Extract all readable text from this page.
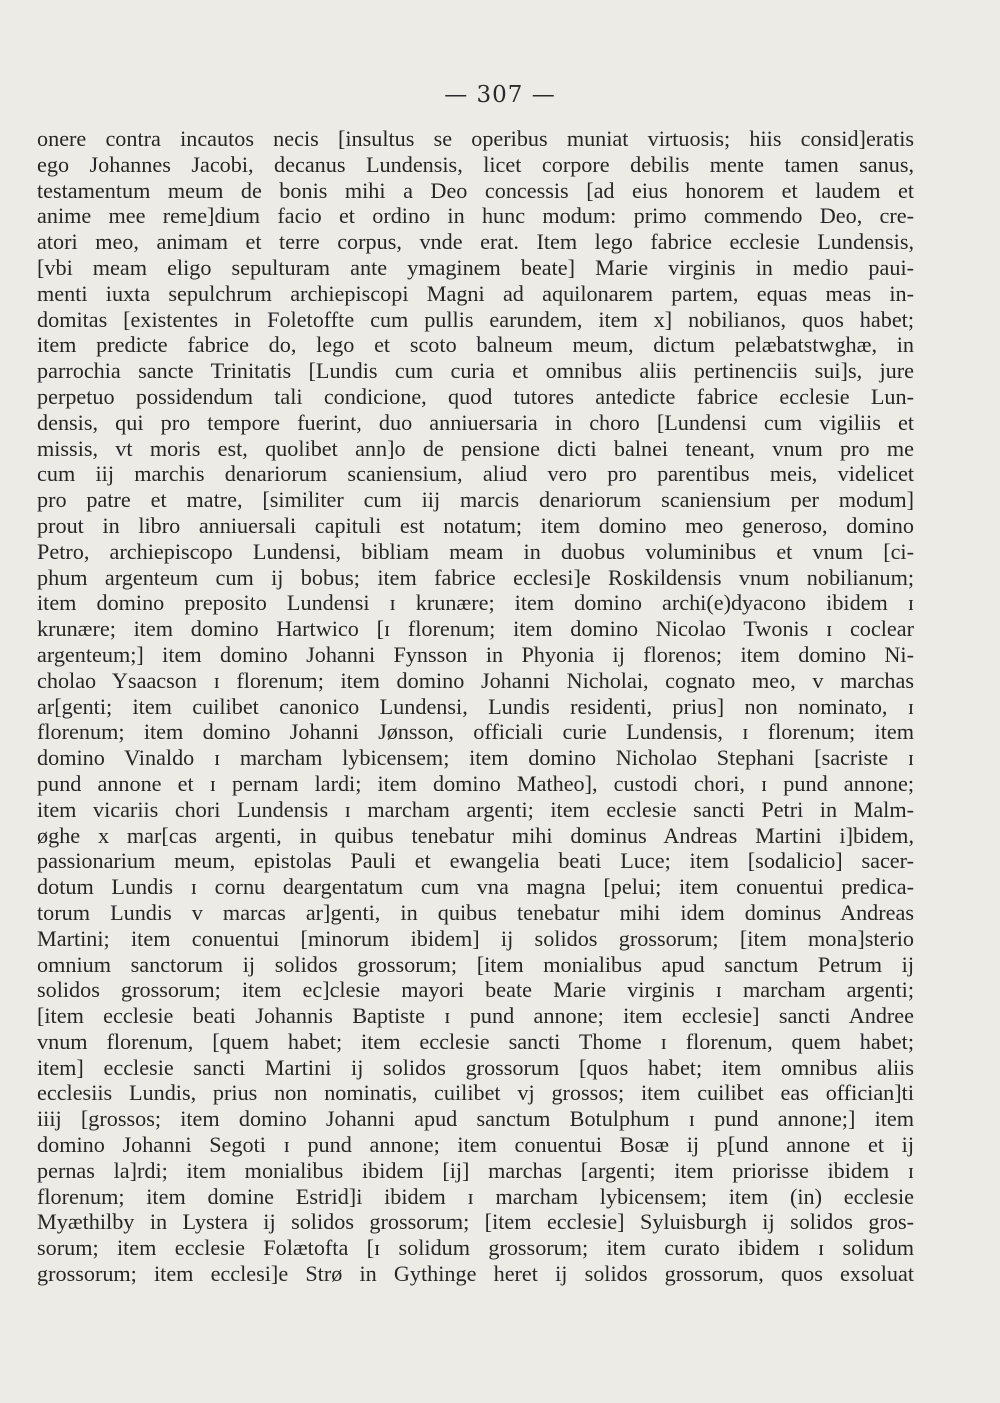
— 307 —
onere contra incautos necis [insultus se operibus muniat virtuosis; hiis consid]eratis
ego Johannes Jacobi, decanus Lundensis, licet corpore debilis mente tamen sanus,
testamentum meum de bonis mihi a Deo concessis [ad eius honorem et laudem et
anime mee reme]dium facio et ordino in hunc modum: primo commendo Deo, cre-
atori meo, animam et terre corpus, vnde erat. Item lego fabrice ecclesie Lundensis,
[vbi meam eligo sepulturam ante ymaginem beate] Marie virginis in medio paui-
menti iuxta sepulchrum archiepiscopi Magni ad aquilonarem partem, equas meas in-
domitas [existentes in Foletoffte cum pullis earundem, item x] nobilianos, quos habet;
item predicte fabrice do, lego et scoto balneum meum, dictum pelæbatstwghæ, in
parrochia sancte Trinitatis [Lundis cum curia et omnibus aliis pertinenciis sui]s, jure
perpetuo possidendum tali condicione, quod tutores antedicte fabrice ecclesie Lun-
densis, qui pro tempore fuerint, duo anniuersaria in choro [Lundensi cum vigiliis et
missis, vt moris est, quolibet ann]o de pensione dicti balnei teneant, vnum pro me
cum iij marchis denariorum scaniensium, aliud vero pro parentibus meis, videlicet
pro patre et matre, [similiter cum iij marcis denariorum scaniensium per modum]
prout in libro anniuersali capituli est notatum; item domino meo generoso, domino
Petro, archiepiscopo Lundensi, bibliam meam in duobus voluminibus et vnum [ci-
phum argenteum cum ij bobus; item fabrice ecclesi]e Roskildensis vnum nobilianum;
item domino preposito Lundensi ɪ krunære; item domino archi(e)dyacono ibidem ɪ
krunære; item domino Hartwico [ɪ florenum; item domino Nicolao Twonis ɪ coclear
argenteum;] item domino Johanni Fynsson in Phyonia ij florenos; item domino Ni-
cholao Ysaacson ɪ florenum; item domino Johanni Nicholai, cognato meo, v marchas
ar[genti; item cuilibet canonico Lundensi, Lundis residenti, prius] non nominato, ɪ
florenum; item domino Johanni Jønsson, officiali curie Lundensis, ɪ florenum; item
domino Vinaldo ɪ marcham lybicensem; item domino Nicholao Stephani [sacriste ɪ
pund annone et ɪ pernam lardi; item domino Matheo], custodi chori, ɪ pund annone;
item vicariis chori Lundensis ɪ marcham argenti; item ecclesie sancti Petri in Malm-
øghe x mar[cas argenti, in quibus tenebatur mihi dominus Andreas Martini i]bidem,
passionarium meum, epistolas Pauli et ewangelia beati Luce; item [sodalicio] sacer-
dotum Lundis ɪ cornu deargentatum cum vna magna [pelui; item conuentui predica-
torum Lundis v marcas ar]genti, in quibus tenebatur mihi idem dominus Andreas
Martini; item conuentui [minorum ibidem] ij solidos grossorum; [item mona]sterio
omnium sanctorum ij solidos grossorum; [item monialibus apud sanctum Petrum ij
solidos grossorum; item ec]clesie mayori beate Marie virginis ɪ marcham argenti;
[item ecclesie beati Johannis Baptiste ɪ pund annone; item ecclesie] sancti Andree
vnum florenum, [quem habet; item ecclesie sancti Thome ɪ florenum, quem habet;
item] ecclesie sancti Martini ij solidos grossorum [quos habet; item omnibus aliis
ecclesiis Lundis, prius non nominatis, cuilibet vj grossos; item cuilibet eas offician]ti
iiij [grossos; item domino Johanni apud sanctum Botulphum ɪ pund annone;] item
domino Johanni Segoti ɪ pund annone; item conuentui Bosæ ij p[und annone et ij
pernas la]rdi; item monialibus ibidem [ij] marchas [argenti; item priorisse ibidem ɪ
florenum; item domine Estrid]i ibidem ɪ marcham lybicensem; item (in) ecclesie
Myæthilby in Lystera ij solidos grossorum; [item ecclesie] Syluisburgh ij solidos gros-
sorum; item ecclesie Folætofta [ɪ solidum grossorum; item curato ibidem ɪ solidum
grossorum; item ecclesi]e Strø in Gythinge heret ij solidos grossorum, quos exsoluat
